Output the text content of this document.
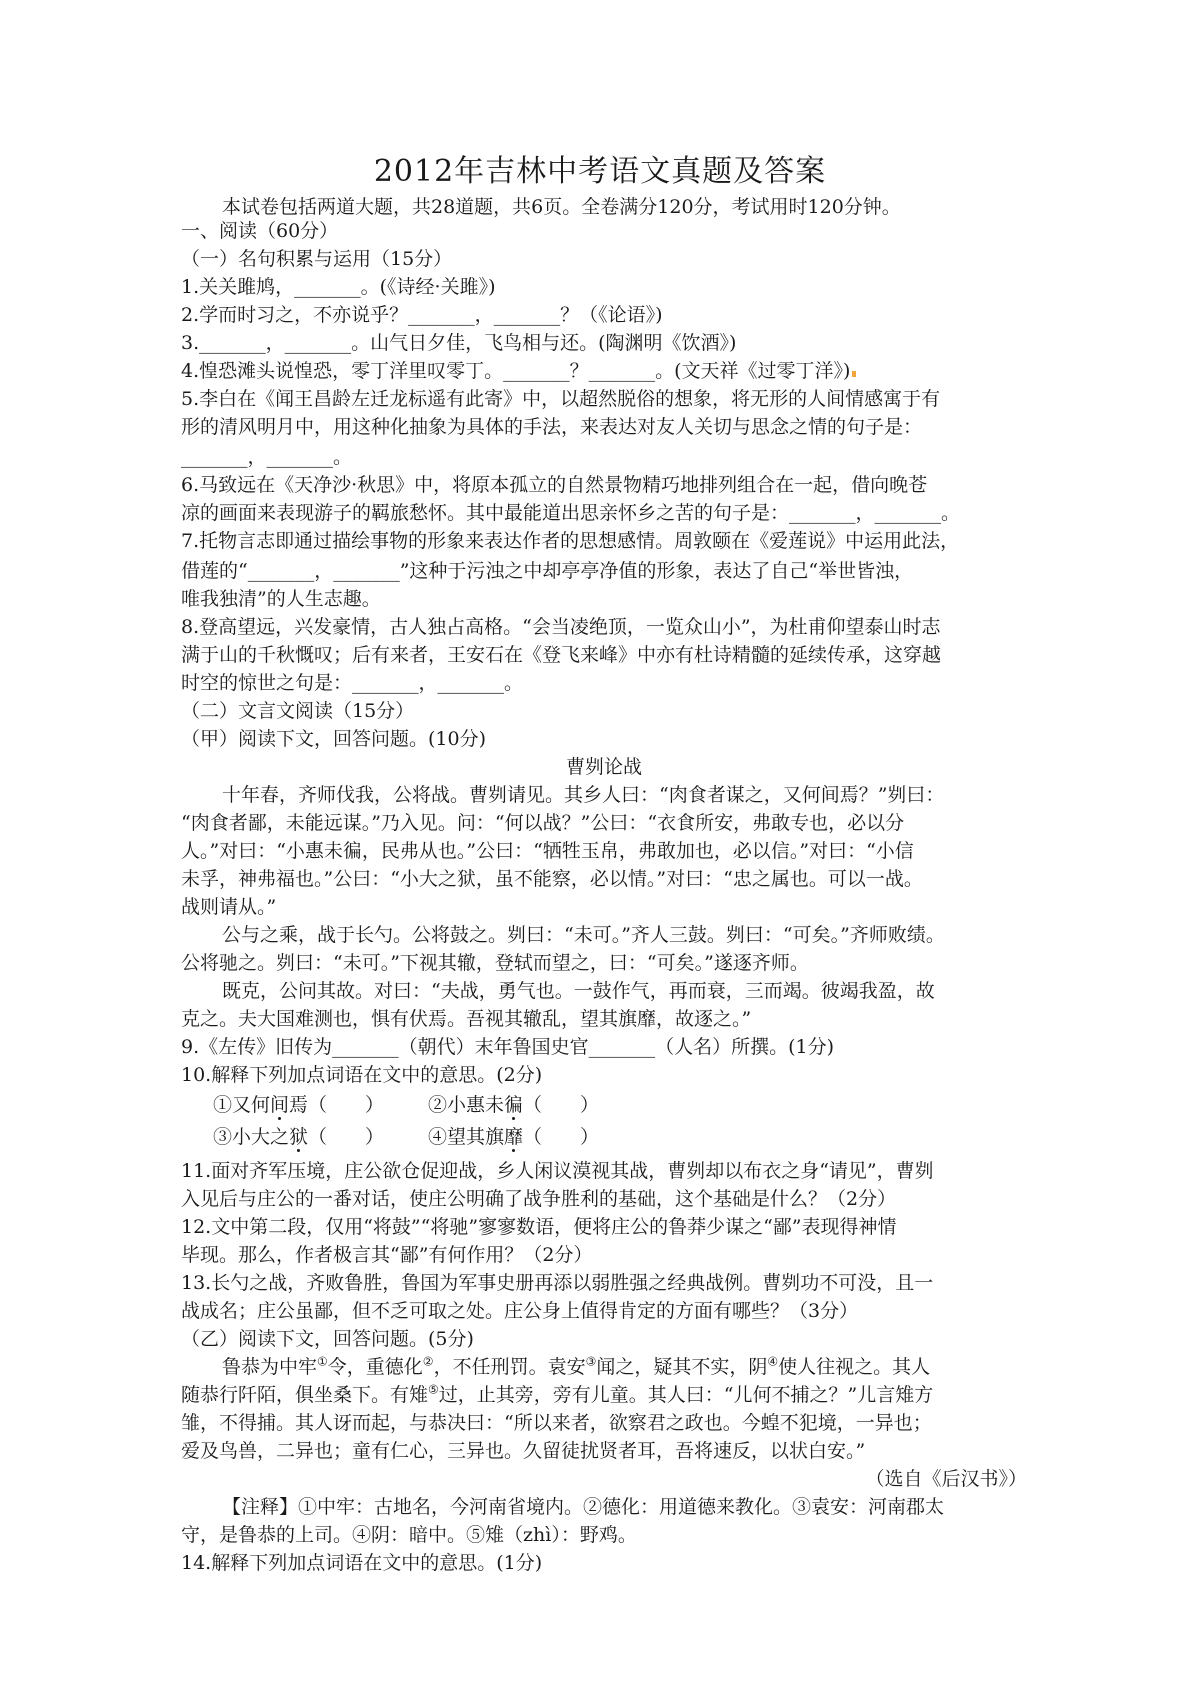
2012年吉林中考语文真题及答案
本试卷包括两道大题，共28道题，共6页。全卷满分120分，考试用时120分钟。
一、阅读（60分）
（一）名句积累与运用（15分）
1.关关雎鸠，_______。(《诗经·关雎》)
2.学而时习之，不亦说乎？_______，_______？（《论语》)
3._______，_______。山气日夕佳，飞鸟相与还。(陶渊明《饮酒》)
4.惶恐滩头说惶恐，零丁洋里叹零丁。_______？_______。(文天祥《过零丁洋》)
5.李白在《闻王昌龄左迁龙标遥有此寄》中，以超然脱俗的想象，将无形的人间情感寓于有
形的清风明月中，用这种化抽象为具体的手法，来表达对友人关切与思念之情的句子是：
_______，_______。
6.马致远在《天净沙·秋思》中，将原本孤立的自然景物精巧地排列组合在一起，借向晚苍
凉的画面来表现游子的羁旅愁怀。其中最能道出思亲怀乡之苦的句子是：_______，_______。
7.托物言志即通过描绘事物的形象来表达作者的思想感情。周敦颐在《爱莲说》中运用此法，
借莲的“_______，_______”这种于污浊之中却亭亭净值的形象，表达了自己“举世皆浊，
唯我独清”的人生志趣。
8.登高望远，兴发豪情，古人独占高格。“会当凌绝顶，一览众山小”，为杜甫仰望泰山时志
满于山的千秋慨叹；后有来者，王安石在《登飞来峰》中亦有杜诗精髓的延续传承，这穿越
时空的惊世之句是：_______，_______。
（二）文言文阅读（15分）
（甲）阅读下文，回答问题。(10分)
曹刿论战
十年春，齐师伐我，公将战。曹刿请见。其乡人曰：“肉食者谋之，又何间焉？”刿曰：
“肉食者鄙，未能远谋。”乃入见。问：“何以战？”公曰：“衣食所安，弗敢专也，必以分
人。”对曰：“小惠未徧，民弗从也。”公曰：“牺牲玉帛，弗敢加也，必以信。”对曰：“小信
未孚，神弗福也。”公曰：“小大之狱，虽不能察，必以情。”对曰：“忠之属也。可以一战。
战则请从。”
公与之乘，战于长勺。公将鼓之。刿曰：“未可。”齐人三鼓。刿曰：“可矣。”齐师败绩。
公将驰之。刿曰：“未可。”下视其辙，登轼而望之，曰：“可矣。”遂逐齐师。
既克，公问其故。对曰：“夫战，勇气也。一鼓作气，再而衰，三而竭。彼竭我盈，故
克之。夫大国难测也，惧有伏焉。吾视其辙乱，望其旗靡，故逐之。”
9.《左传》旧传为_______（朝代）末年鲁国史官_______（人名）所撰。(1分)
10.解释下列加点词语在文中的意思。(2分)
①又何间焉（　　）	②小惠未徧（　　）
③小大之狱（　　）	④望其旗靡（　　）
11.面对齐军压境，庄公欲仓促迎战，乡人闲议漠视其战，曹刿却以布衣之身“请见”，曹刿
入见后与庄公的一番对话，使庄公明确了战争胜利的基础，这个基础是什么？（2分）
12.文中第二段，仅用“将鼓”“将驰”寥寥数语，便将庄公的鲁莽少谋之“鄙”表现得神情
毕现。那么，作者极言其“鄙”有何作用？（2分）
13.长勺之战，齐败鲁胜，鲁国为军事史册再添以弱胜强之经典战例。曹刿功不可没，且一
战成名；庄公虽鄙，但不乏可取之处。庄公身上值得肯定的方面有哪些？（3分）
（乙）阅读下文，回答问题。(5分)
鲁恭为中牢①令，重德化②，不任刑罚。袁安③闻之，疑其不实，阴④使人往视之。其人
随恭行阡陌，俱坐桑下。有雉⑤过，止其旁，旁有儿童。其人曰：“儿何不捕之？”儿言雉方
雏，不得捕。其人讶而起，与恭决曰：“所以来者，欲察君之政也。今蝗不犯境，一异也；
爱及鸟兽，二异也；童有仁心，三异也。久留徒扰贤者耳，吾将速反，以状白安。”
（选自《后汉书》）
【注释】①中牢：古地名，今河南省境内。②德化：用道德来教化。③袁安：河南郡太
守，是鲁恭的上司。④阴：暗中。⑤雉（zhì）：野鸡。
14.解释下列加点词语在文中的意思。(1分)
